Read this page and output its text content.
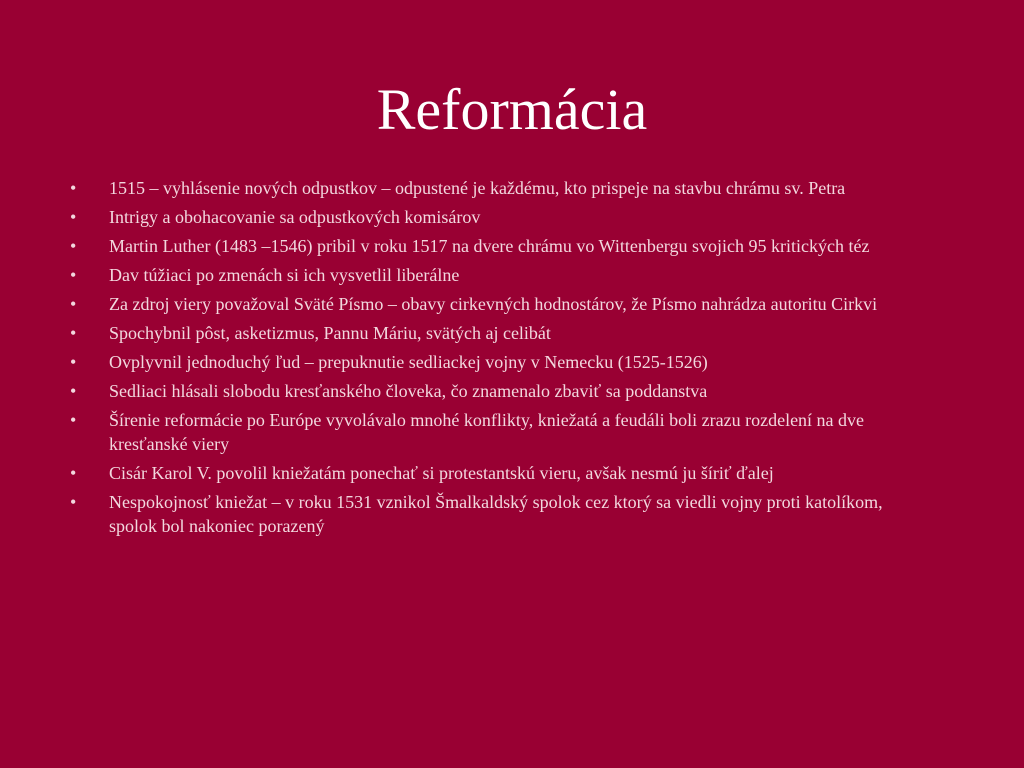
Reformácia
•	1515 – vyhlásenie nových odpustkov – odpustené je každému, kto prispeje na stavbu chrámu sv. Petra
•	Intrigy a obohacovanie sa odpustkových komisárov
•	Martin Luther (1483 –1546) pribil v roku 1517 na dvere chrámu vo Wittenbergu svojich 95 kritických téz
•	Dav túžiaci po zmenách si ich vysvetlil liberálne
•	Za zdroj viery považoval Sväté Písmo – obavy cirkevných hodnostárov, že Písmo nahrádza autoritu Cirkvi
•	Spochybnil pôst, asketizmus, Pannu Máriu, svätých aj celibát
•	Ovplyvnil jednoduchý ľud – prepuknutie sedliackej vojny v Nemecku (1525-1526)
•	Sedliaci hlásali slobodu kresťanského človeka, čo znamenalo zbaviť sa poddanstva
•	Šírenie reformácie po Európe vyvolávalo mnohé konflikty, kniežatá a feudáli boli zrazu rozdelení na dve kresťanské viery
•	Cisár Karol V. povolil kniežatám ponechať si protestantskú vieru, avšak nesmú ju šíriť ďalej
•	Nespokojnosť kniežat – v roku 1531 vznikol Šmalkaldský spolok cez ktorý sa viedli vojny proti katolíkom, spolok bol nakoniec porazený
